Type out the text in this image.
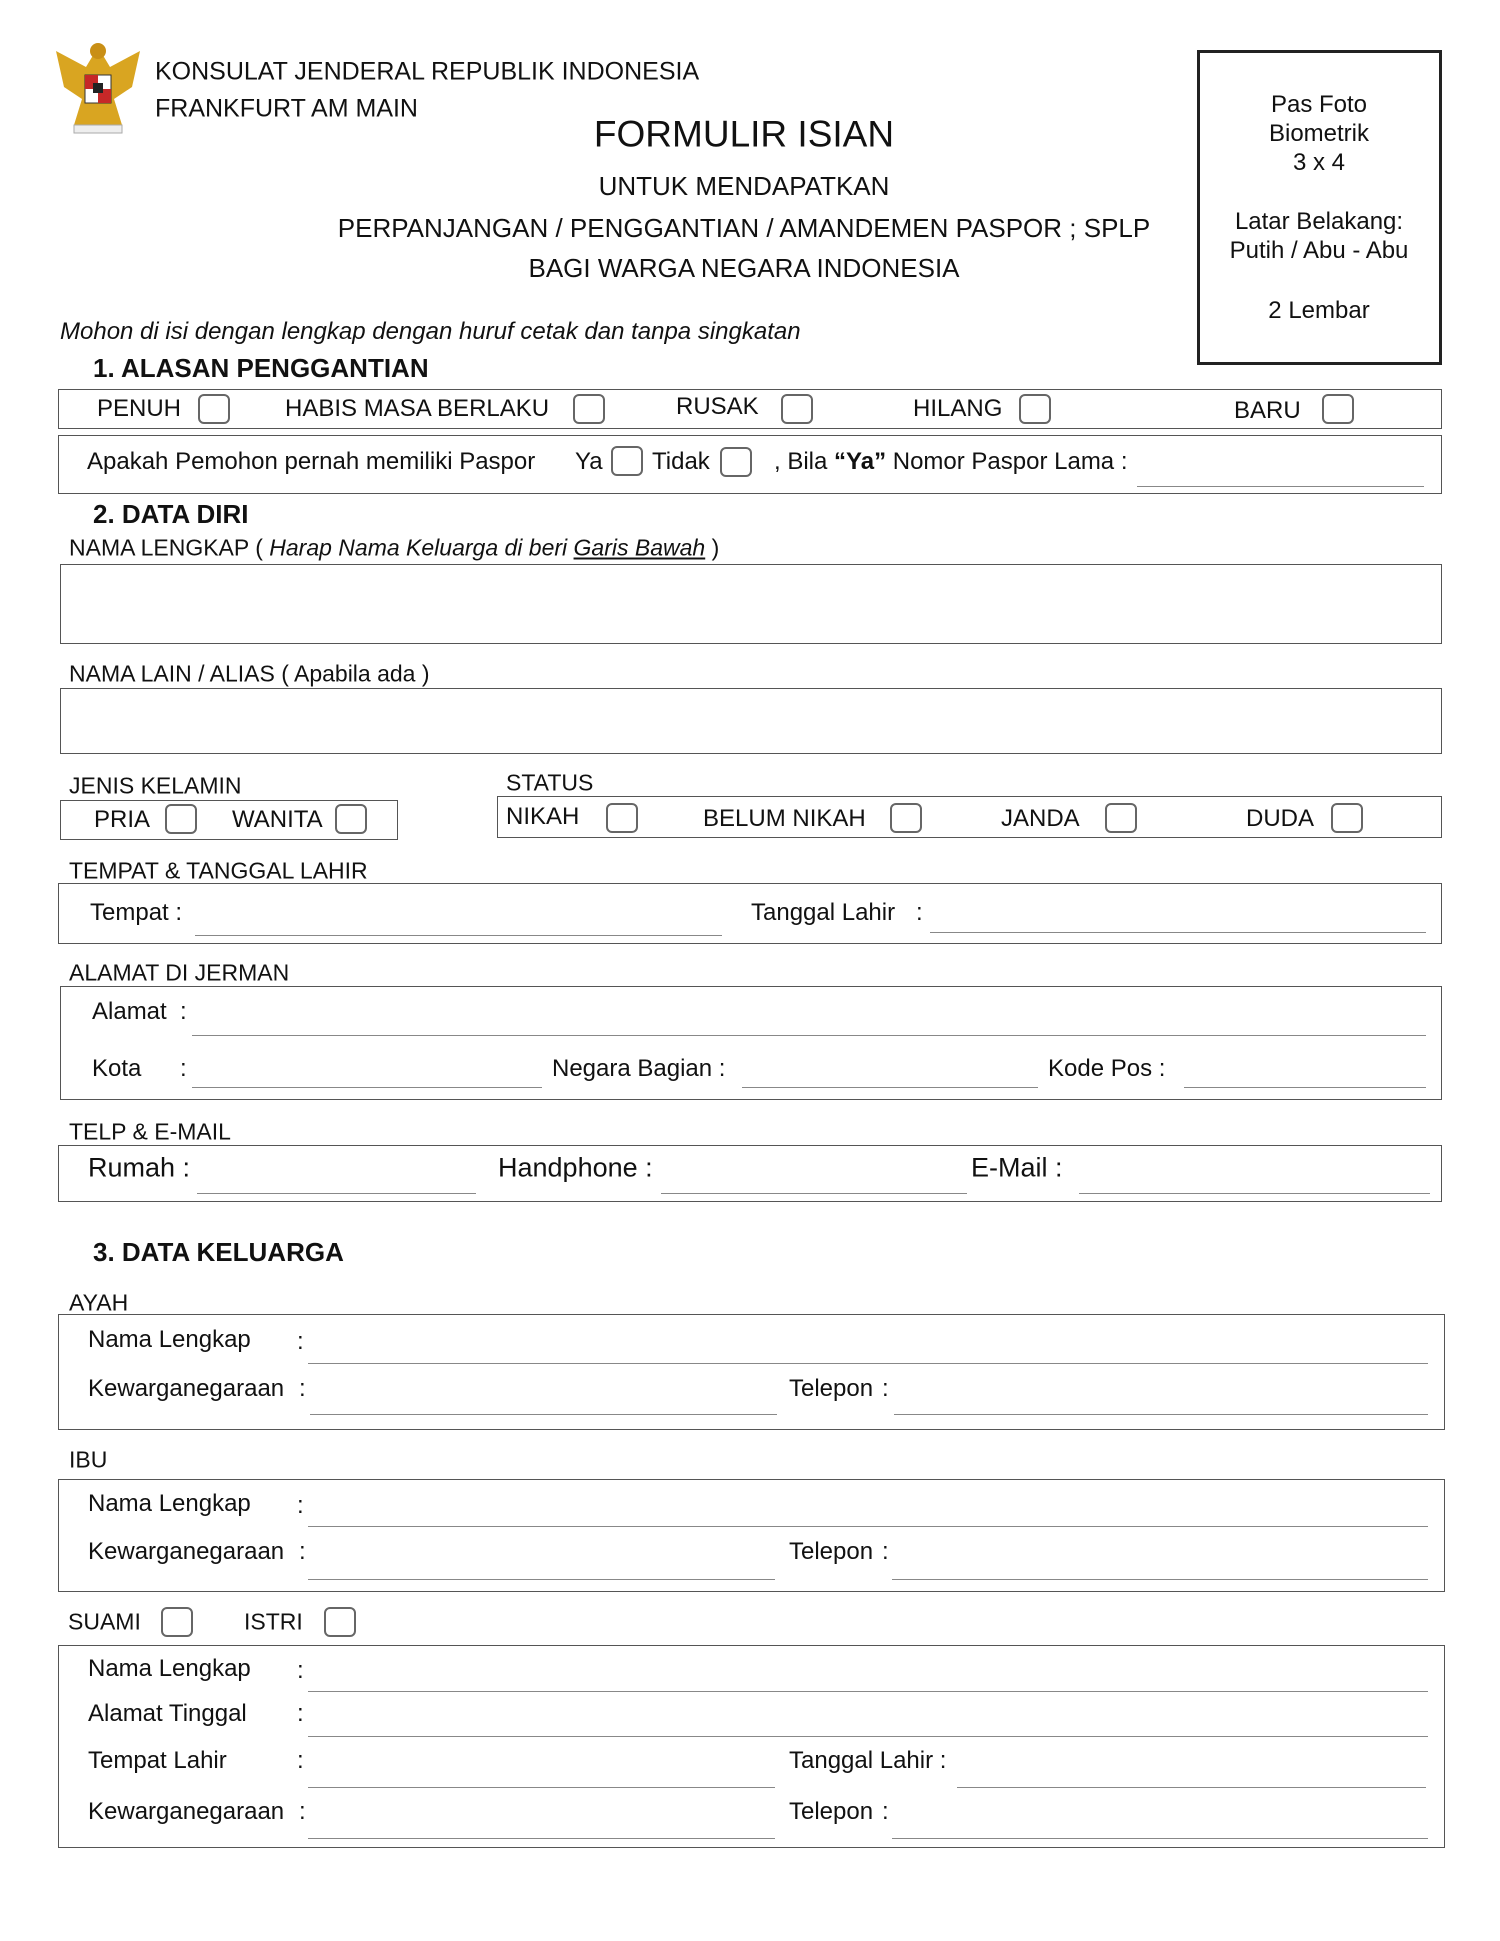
KONSULAT JENDERAL REPUBLIK INDONESIA
FRANKFURT AM MAIN
FORMULIR ISIAN
UNTUK MENDAPATKAN
PERPANJANGAN / PENGGANTIAN / AMANDEMEN PASPOR ; SPLP
BAGI WARGA NEGARA INDONESIA
Pas Foto
Biometrik
3 x 4
Latar Belakang:
Putih / Abu - Abu
2 Lembar
Mohon di isi dengan lengkap dengan huruf cetak dan tanpa singkatan
1. ALASAN PENGGANTIAN
PENUH	HABIS MASA BERLAKU	RUSAK	HILANG	BARU
Apakah Pemohon pernah memiliki Paspor Ya Tidak	, Bila “Ya” Nomor Paspor Lama :
2. DATA DIRI
NAMA LENGKAP ( Harap Nama Keluarga di beri Garis Bawah )
NAMA LAIN / ALIAS ( Apabila ada )
JENIS KELAMIN
PRIA	WANITA
STATUS
NIKAH	BELUM NIKAH	JANDA	DUDA
TEMPAT & TANGGAL LAHIR
Tempat :	Tanggal Lahir :
ALAMAT DI JERMAN
Alamat :
Kota :	Negara Bagian :	Kode Pos :
TELP & E-MAIL
Rumah :	Handphone :	E-Mail :
3. DATA KELUARGA
AYAH
Nama Lengkap :
Kewarganegaraan :	Telepon :
IBU
Nama Lengkap :
Kewarganegaraan :	Telepon :
SUAMI	ISTRI
Nama Lengkap :
Alamat Tinggal :
Tempat Lahir	:	Tanggal Lahir :
Kewarganegaraan :	Telepon :
